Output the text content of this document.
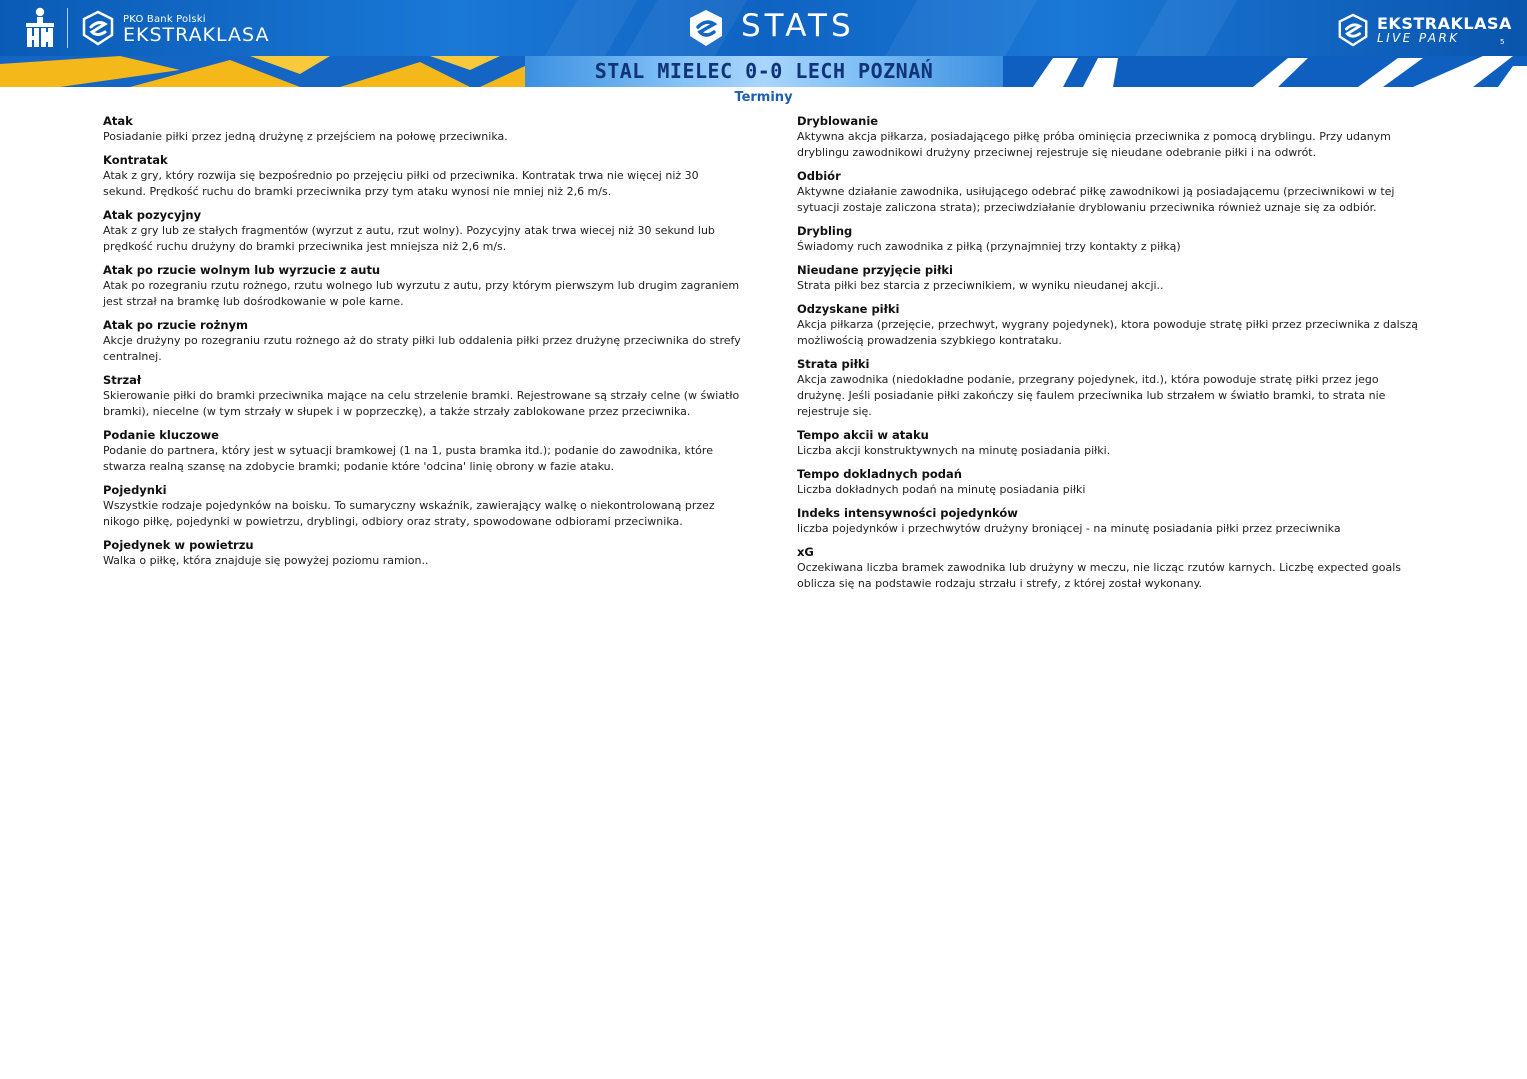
PKO Bank Polski
EKSTRAKLASA	STATS	EKSTRAKLASA
LIVE PARK	5
STAL MIELEC 0-0 LECH POZNAŃ
Terminy
Atak
Posiadanie piłki przez jedną drużynę z przejściem na połowę przeciwnika.
Kontratak
Atak z gry, który rozwija się bezpośrednio po przejęciu piłki od przeciwnika. Kontratak trwa nie więcej niż 30 sekund. Prędkość ruchu do bramki przeciwnika przy tym ataku wynosi nie mniej niż 2,6 m/s.
Atak pozycyjny
Atak z gry lub ze stałych fragmentów (wyrzut z autu, rzut wolny). Pozycyjny atak trwa wiecej niż 30 sekund lub prędkość ruchu drużyny do bramki przeciwnika jest mniejsza niż 2,6 m/s.
Atak po rzucie wolnym lub wyrzucie z autu
Atak po rozegraniu rzutu rożnego, rzutu wolnego lub wyrzutu z autu, przy którym pierwszym lub drugim zagraniem jest strzał na bramkę lub dośrodkowanie w pole karne.
Atak po rzucie rożnym
Akcje drużyny po rozegraniu rzutu rożnego aż do straty piłki lub oddalenia piłki przez drużynę przeciwnika do strefy centralnej.
Strzał
Skierowanie piłki do bramki przeciwnika mające na celu strzelenie bramki. Rejestrowane są strzały celne (w światło bramki), niecelne (w tym strzały w słupek i w poprzeczkę), a także strzały zablokowane przez przeciwnika.
Podanie kluczowe
Podanie do partnera, który jest w sytuacji bramkowej (1 na 1, pusta bramka itd.); podanie do zawodnika, które stwarza realną szansę na zdobycie bramki; podanie które 'odcina' linię obrony w fazie ataku.
Pojedynki
Wszystkie rodzaje pojedynków na boisku. To sumaryczny wskaźnik, zawierający walkę o niekontrolowaną przez nikogo piłkę, pojedynki w powietrzu, dryblingi, odbiory oraz straty, spowodowane odbiorami przeciwnika.
Pojedynek w powietrzu
Walka o piłkę, która znajduje się powyżej poziomu ramion..
Dryblowanie
Aktywna akcja piłkarza, posiadającego piłkę próba ominięcia przeciwnika z pomocą dryblingu. Przy udanym dryblingu zawodnikowi drużyny przeciwnej rejestruje się nieudane odebranie piłki i na odwrót.
Odbiór
Aktywne działanie zawodnika, usiłującego odebrać piłkę zawodnikowi ją posiadającemu (przeciwnikowi w tej sytuacji zostaje zaliczona strata); przeciwdziałanie dryblowaniu przeciwnika również uznaje się za odbiór.
Drybling
Świadomy ruch zawodnika z piłką (przynajmniej trzy kontakty z piłką)
Nieudane przyjęcie piłki
Strata piłki bez starcia z przeciwnikiem, w wyniku nieudanej akcji..
Odzyskane piłki
Akcja piłkarza (przejęcie, przechwyt, wygrany pojedynek), ktora powoduje stratę piłki przez przeciwnika z dalszą możliwością prowadzenia szybkiego kontrataku.
Strata piłki
Akcja zawodnika (niedokładne podanie, przegrany pojedynek, itd.), która powoduje stratę piłki przez jego drużynę. Jeśli posiadanie piłki zakończy się faulem przeciwnika lub strzałem w światło bramki, to strata nie rejestruje się.
Tempo akcii w ataku
Liczba akcji konstruktywnych na minutę posiadania piłki.
Tempo dokladnych podań
Liczba dokładnych podań na minutę posiadania piłki
Indeks intensywności pojedynków
liczba pojedynków i przechwytów drużyny broniącej - na minutę posiadania piłki przez przeciwnika
xG
Oczekiwana liczba bramek zawodnika lub drużyny w meczu, nie licząc rzutów karnych. Liczbę expected goals oblicza się na podstawie rodzaju strzału i strefy, z której został wykonany.
